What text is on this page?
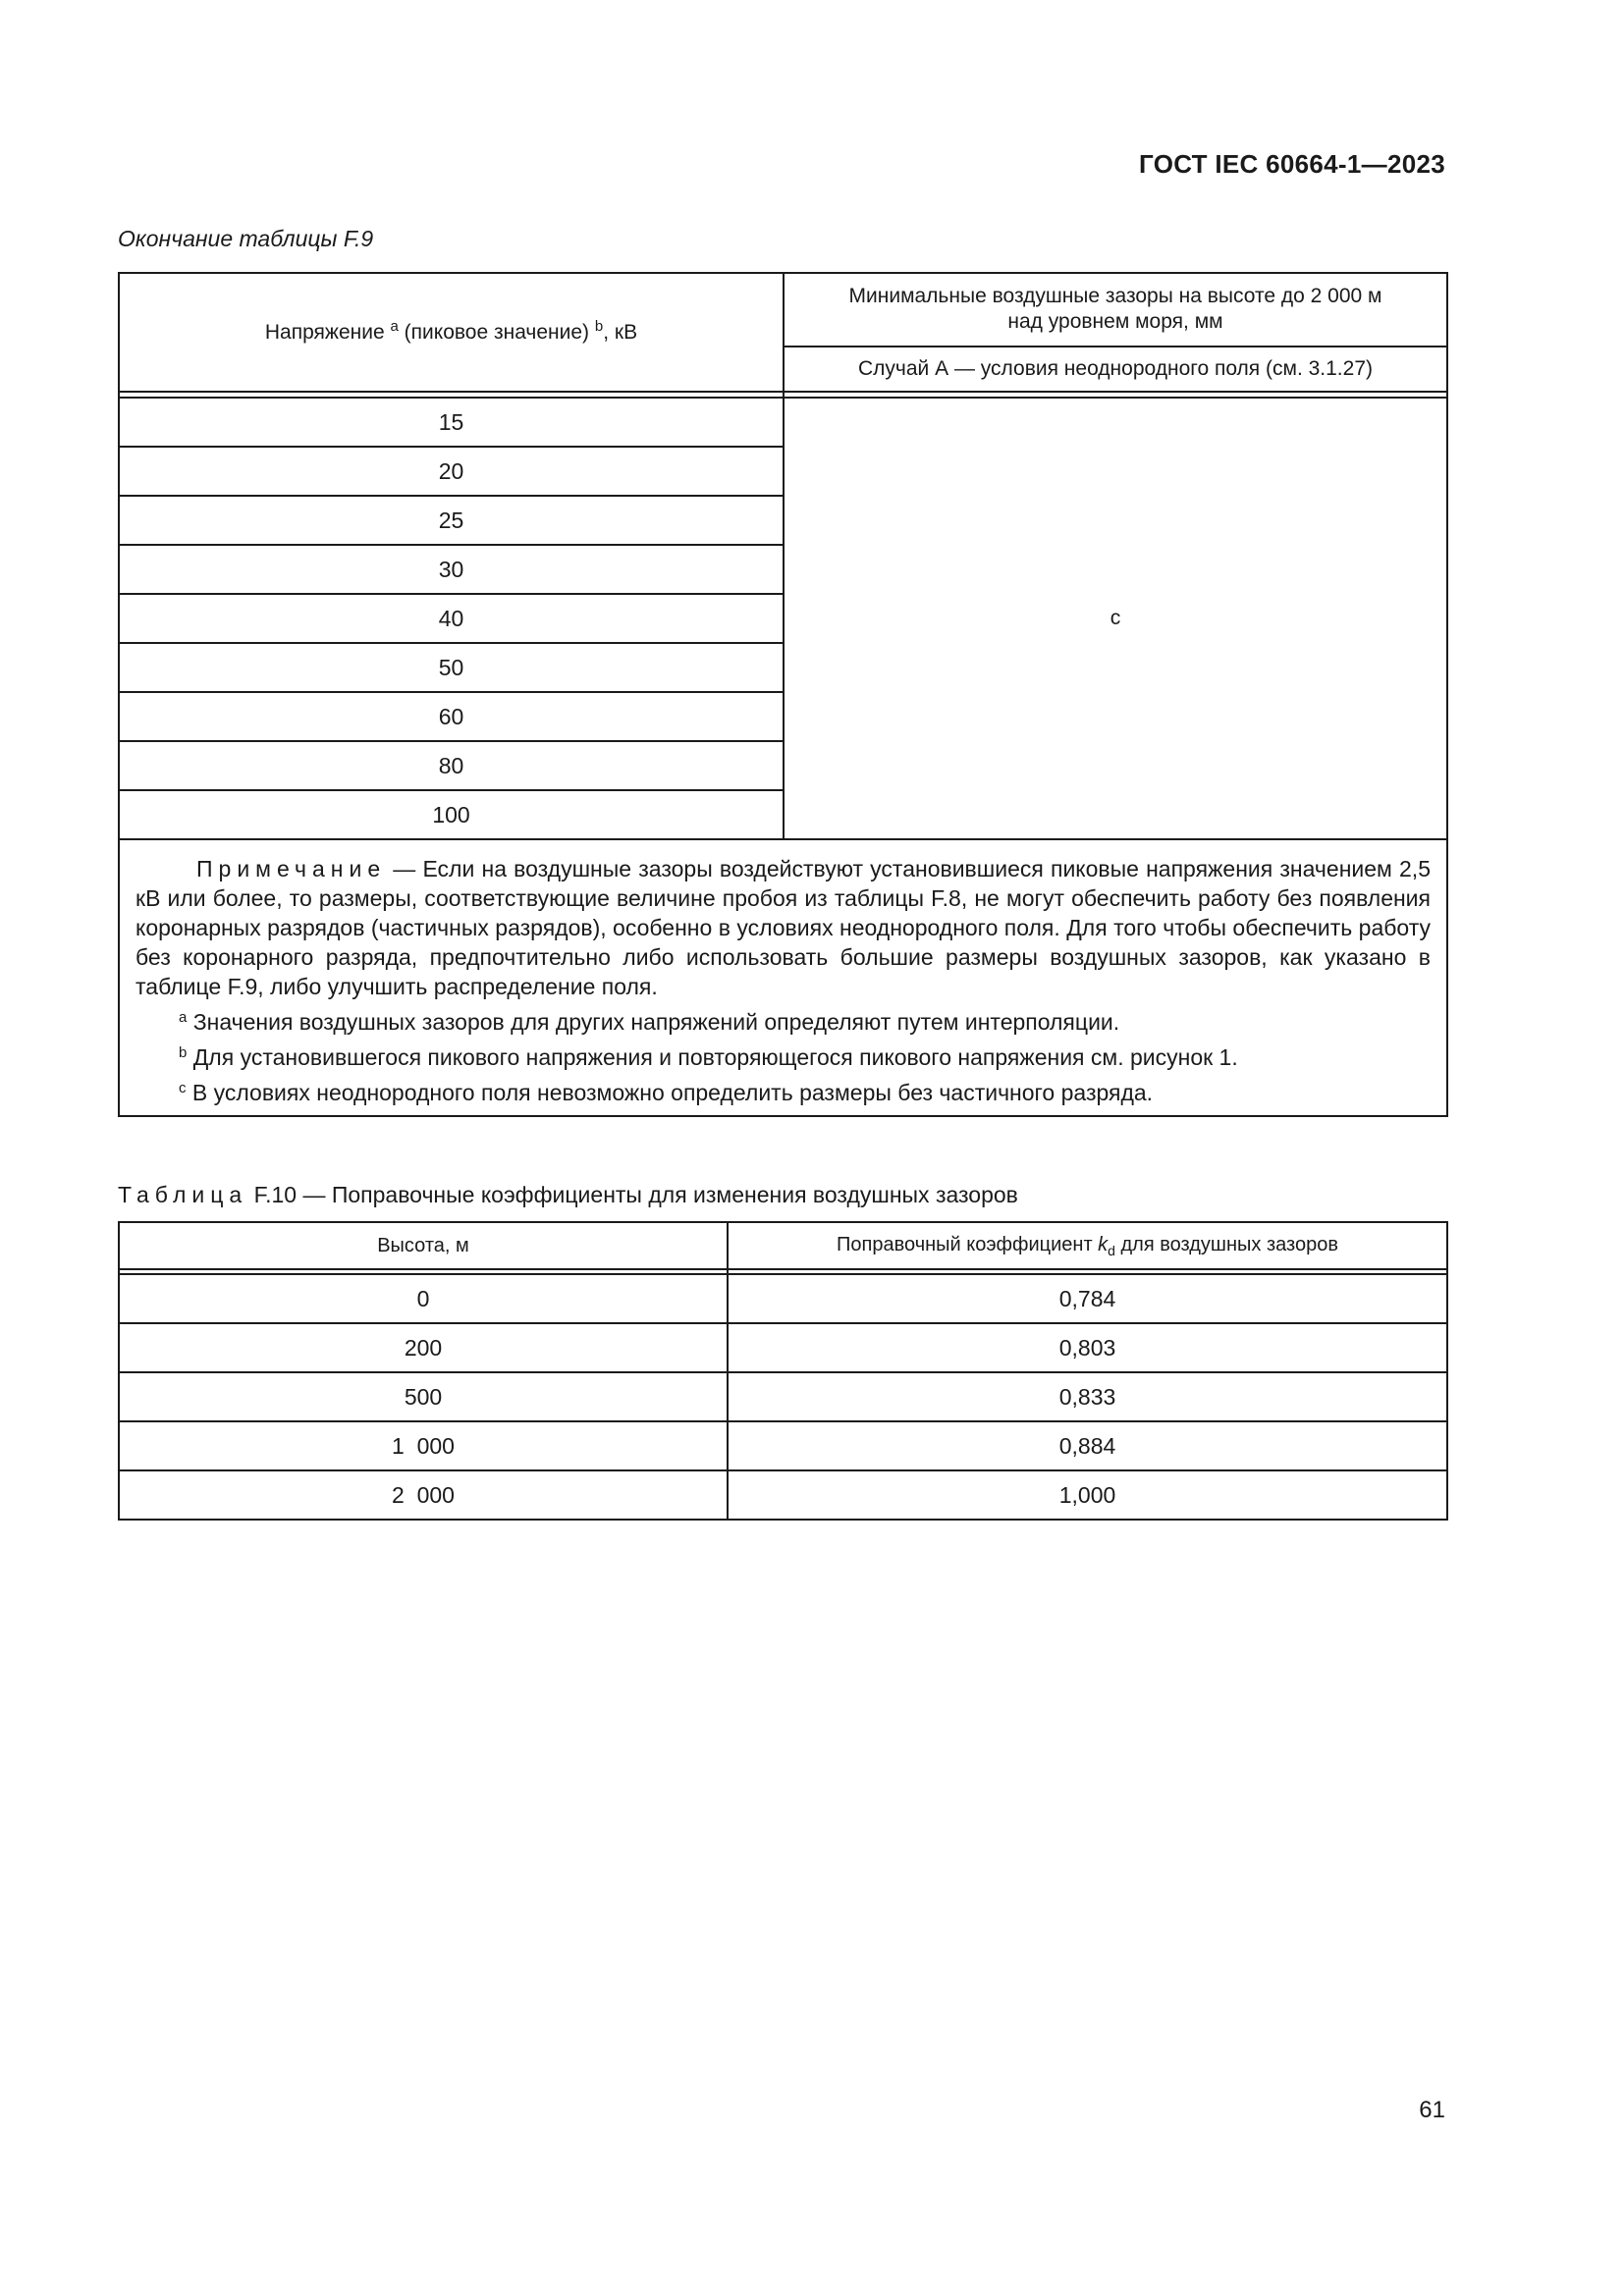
ГОСТ IEC 60664-1—2023
Окончание таблицы F.9
Напряжение $^a$ (пиковое значение) $^b$, кВ	Минимальные воздушные зазоры на высоте до 2 000 м
над уровнем моря, мм
	Случай А — условия неоднородного поля (см. 3.1.27)

15	c
20	
25	
30	
40	
50	
60	
80	
100	

Примечание — Если на воздушные зазоры воздействуют установившиеся пиковые напряжения значением 2,5 кВ или более, то размеры, соответствующие величине пробоя из таблицы F.8, не могут обеспечить работу без появления коронарных разрядов (частичных разрядов), особенно в условиях неоднородного поля. Для того чтобы обеспечить работу без коронарного разряда, предпочтительно либо использовать большие размеры воздушных зазоров, как указано в таблице F.9, либо улучшить распределение поля.
$^a$ Значения воздушных зазоров для других напряжений определяют путем интерполяции.
$^b$ Для установившегося пикового напряжения и повторяющегося пикового напряжения см. рисунок 1.
$^c$ В условиях неоднородного поля невозможно определить размеры без частичного разряда.	
Таблица F.10 — Поправочные коэффициенты для изменения воздушных зазоров
Высота, м	Поправочный коэффициент $k_d$ для воздушных зазоров

0	0,784
200	0,803
500	0,833
1  000	0,884
2  000	1,000
61
